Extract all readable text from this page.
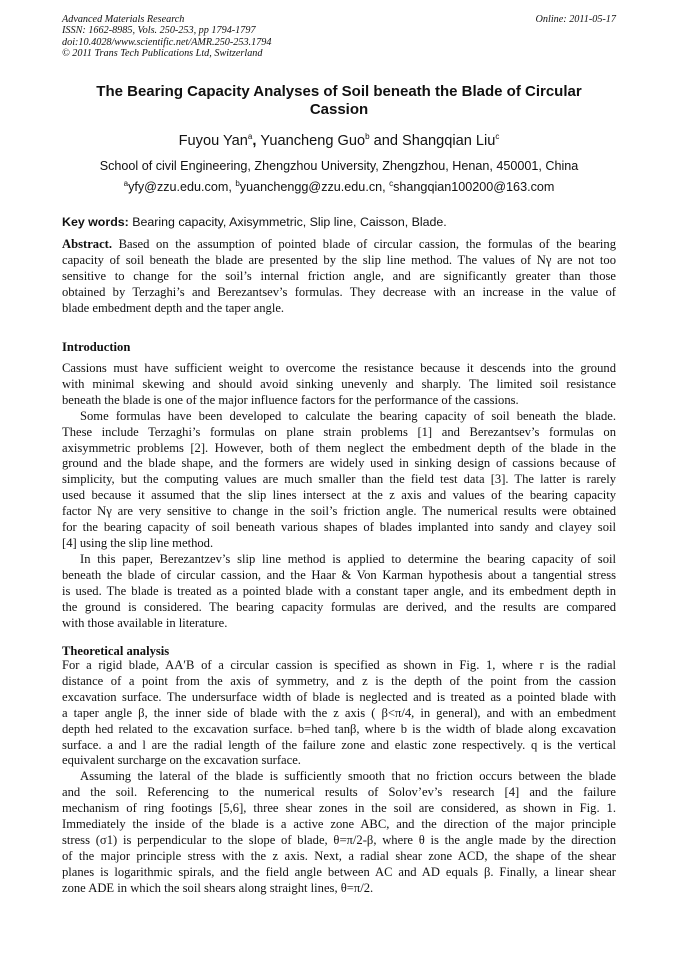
Advanced Materials Research
ISSN: 1662-8985, Vols. 250-253, pp 1794-1797
doi:10.4028/www.scientific.net/AMR.250-253.1794
© 2011 Trans Tech Publications Ltd, Switzerland
Online: 2011-05-17
The Bearing Capacity Analyses of Soil beneath the Blade of Circular
Cassion
Fuyou Yan$^a$, Yuancheng Guo$^b$ and Shangqian Liu$^c$
School of civil Engineering, Zhengzhou University, Zhengzhou, Henan, 450001, China
$^a$yfy@zzu.edu.com, $^b$yuanchengg@zzu.edu.cn, $^c$shangqian100200@163.com
Key words: Bearing capacity, Axisymmetric, Slip line, Caisson, Blade.

Abstract. Based on the assumption of pointed blade of circular cassion, the formulas of the bearing

capacity of soil beneath the blade are presented by the slip line method. The values of Nγ are not too

sensitive to change for the soil’s internal friction angle, and are significantly greater than those

obtained by Terzaghi’s and Berezantsev’s formulas. They decrease with an increase in the value of

blade embedment depth and the taper angle.

Introduction

Cassions must have sufficient weight to overcome the resistance because it descends into the ground

with minimal skewing and should avoid sinking unevenly and sharply. The limited soil resistance

beneath the blade is one of the major influence factors for the performance of the cassions.

Some formulas have been developed to calculate the bearing capacity of soil beneath the blade.

These include Terzaghi’s formulas on plane strain problems [1] and Berezantsev’s formulas on

axisymmetric problems [2]. However, both of them neglect the embedment depth of the blade in the

ground and the blade shape, and the formers are widely used in sinking design of cassions because of

simplicity, but the computing values are much smaller than the field test data [3]. The latter is rarely

used because it assumed that the slip lines intersect at the z axis and values of the bearing capacity

factor Nγ are very sensitive to change in the soil’s friction angle. The numerical results were obtained

for the bearing capacity of soil beneath various shapes of blades implanted into sandy and clayey soil

[4] using the slip line method.

In this paper, Berezantzev’s slip line method is applied to determine the bearing capacity of soil

beneath the blade of circular cassion, and the Haar & Von Karman hypothesis about a tangential stress

is used. The blade is treated as a pointed blade with a constant taper angle, and its embedment depth in

the ground is considered. The bearing capacity formulas are derived, and the results are compared

with those available in literature.

Theoretical analysis

For a rigid blade, AA′B of a circular cassion is specified as shown in Fig. 1, where r is the radial

distance of a point from the axis of symmetry, and z is the depth of the point from the cassion

excavation surface. The undersurface width of blade is neglected and is treated as a pointed blade with

a taper angle β, the inner side of blade with the z axis ( β<π/4, in general), and with an embedment

depth hed related to the excavation surface. b=hed tanβ, where b is the width of blade along excavation

surface. a and l are the radial length of the failure zone and elastic zone respectively. q is the vertical

equivalent surcharge on the excavation surface.

Assuming the lateral of the blade is sufficiently smooth that no friction occurs between the blade

and the soil. Referencing to the numerical results of Solov’ev’s research [4] and the failure

mechanism of ring footings [5,6], three shear zones in the soil are considered, as shown in Fig. 1.

Immediately the inside of the blade is a active zone ABC, and the direction of the major principle

stress (σ1) is perpendicular to the slope of blade, θ=π/2-β, where θ is the angle made by the direction

of the major principle stress with the z axis. Next, a radial shear zone ACD, the shape of the shear

planes is logarithmic spirals, and the field angle between AC and AD equals β. Finally, a linear shear

zone ADE in which the soil shears along straight lines, θ=π/2.
